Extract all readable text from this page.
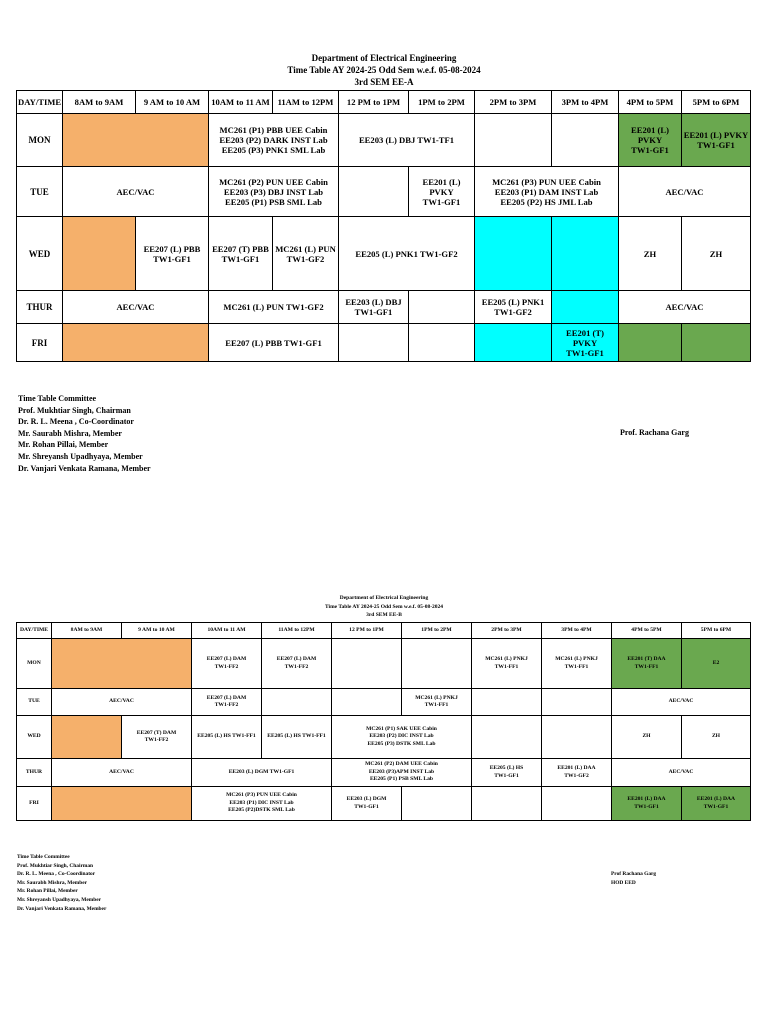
Department of Electrical Engineering
Time Table AY 2024-25 Odd Sem w.e.f. 05-08-2024
3rd SEM EE-A
DAY/TIME	8AM to 9AM	9 AM to 10 AM	10AM to 11 AM	11AM to 12PM	12 PM to 1PM	1PM to 2PM	2PM to 3PM	3PM to 4PM	4PM to 5PM	5PM to 6PM
MON			MC261 (P1) PBB UEE Cabin
EE203 (P2) DARK INST Lab
EE205 (P3) PNK1 SML Lab		EE203 (L) DBJ TW1-TF1				EE201 (L)
PVKY
TW1-GF1	EE201 (L) PVKY
TW1-GF1
TUE	AEC/VAC		MC261 (P2) PUN UEE Cabin
EE203 (P3) DBJ INST Lab
EE205 (P1) PSB SML Lab			EE201 (L)
PVKY
TW1-GF1	MC261 (P3) PUN UEE Cabin
EE203 (P1) DAM INST Lab
EE205 (P2) HS JML Lab		AEC/VAC	
WED		EE207 (L) PBB
TW1-GF1	EE207 (T) PBB
TW1-GF1	MC261 (L) PUN
TW1-GF2	EE205 (L) PNK1 TW1-GF2				ZH	ZH
THUR	AEC/VAC		MC261 (L) PUN TW1-GF2		EE203 (L) DBJ
TW1-GF1		EE205 (L) PNK1
TW1-GF2		AEC/VAC	
FRI			EE207 (L) PBB TW1-GF1					EE201 (T)
PVKY
TW1-GF1		
Time Table Committee
Prof. Mukhtiar Singh, Chairman
Dr. R. L. Meena , Co-Coordinator
Mr. Saurabh Mishra, Member
Mr. Rohan Pillai, Member
Mr. Shreyansh Upadhyaya, Member
Dr. Vanjari Venkata Ramana, Member
Prof. Rachana Garg
Department of Electrical Engineering
Time Table AY 2024-25 Odd Sem w.e.f. 05-08-2024
3rd SEM EE-B
DAY/TIME	8AM to 9AM	9 AM to 10 AM	10AM to 11 AM	11AM to 12PM	12 PM to 1PM	1PM to 2PM	2PM to 3PM	3PM to 4PM	4PM to 5PM	5PM to 6PM
MON			EE207 (L) DAM
TW1-FF2	EE207 (L) DAM
TW1-FF2			MC261 (L) PNKJ
TW1-FF1	MC261 (L) PNKJ
TW1-FF1	EE201 (T) DAA
TW1-FF1	E2
TUE	AEC/VAC		EE207 (L) DAM
TW1-FF2			MC261 (L) PNKJ
TW1-FF1			AEC/VAC	
WED		EE207 (T) DAM
TW1-FF2	EE205 (L) HS TW1-FF1	EE205 (L) HS TW1-FF1	MC261 (P1) SAK UEE Cabin
EE203 (P2) DIC INST Lab
EE205 (P3) DSTK SML Lab				ZH	ZH
THUR	AEC/VAC		EE203 (L) DGM TW1-GF1		MC261 (P2) DAM UEE Cabin
EE203 (P3)APM INST Lab
EE205 (P1) PSB SML Lab		EE205 (L) HS
TW1-GF1	EE201 (L) DAA
TW1-GF2	AEC/VAC	
FRI			MC261 (P3) PUN UEE Cabin
EE203 (P1) DIC INST Lab
EE205 (P2)DSTK SML Lab		EE203 (L) DGM
TW1-GF1				EE201 (L) DAA
TW1-GF1	EE201 (L) DAA
TW1-GF1
Time Table Committee
Prof. Mukhtiar Singh, Chairman
Dr. R. L. Meena , Co-Coordinator
Mr. Saurabh Mishra, Member
Mr. Rohan Pillai, Member
Mr. Shreyansh Upadhyaya, Member
Dr. Vanjari Venkata Ramana, Member
Prof Rachana Garg
HOD EED
